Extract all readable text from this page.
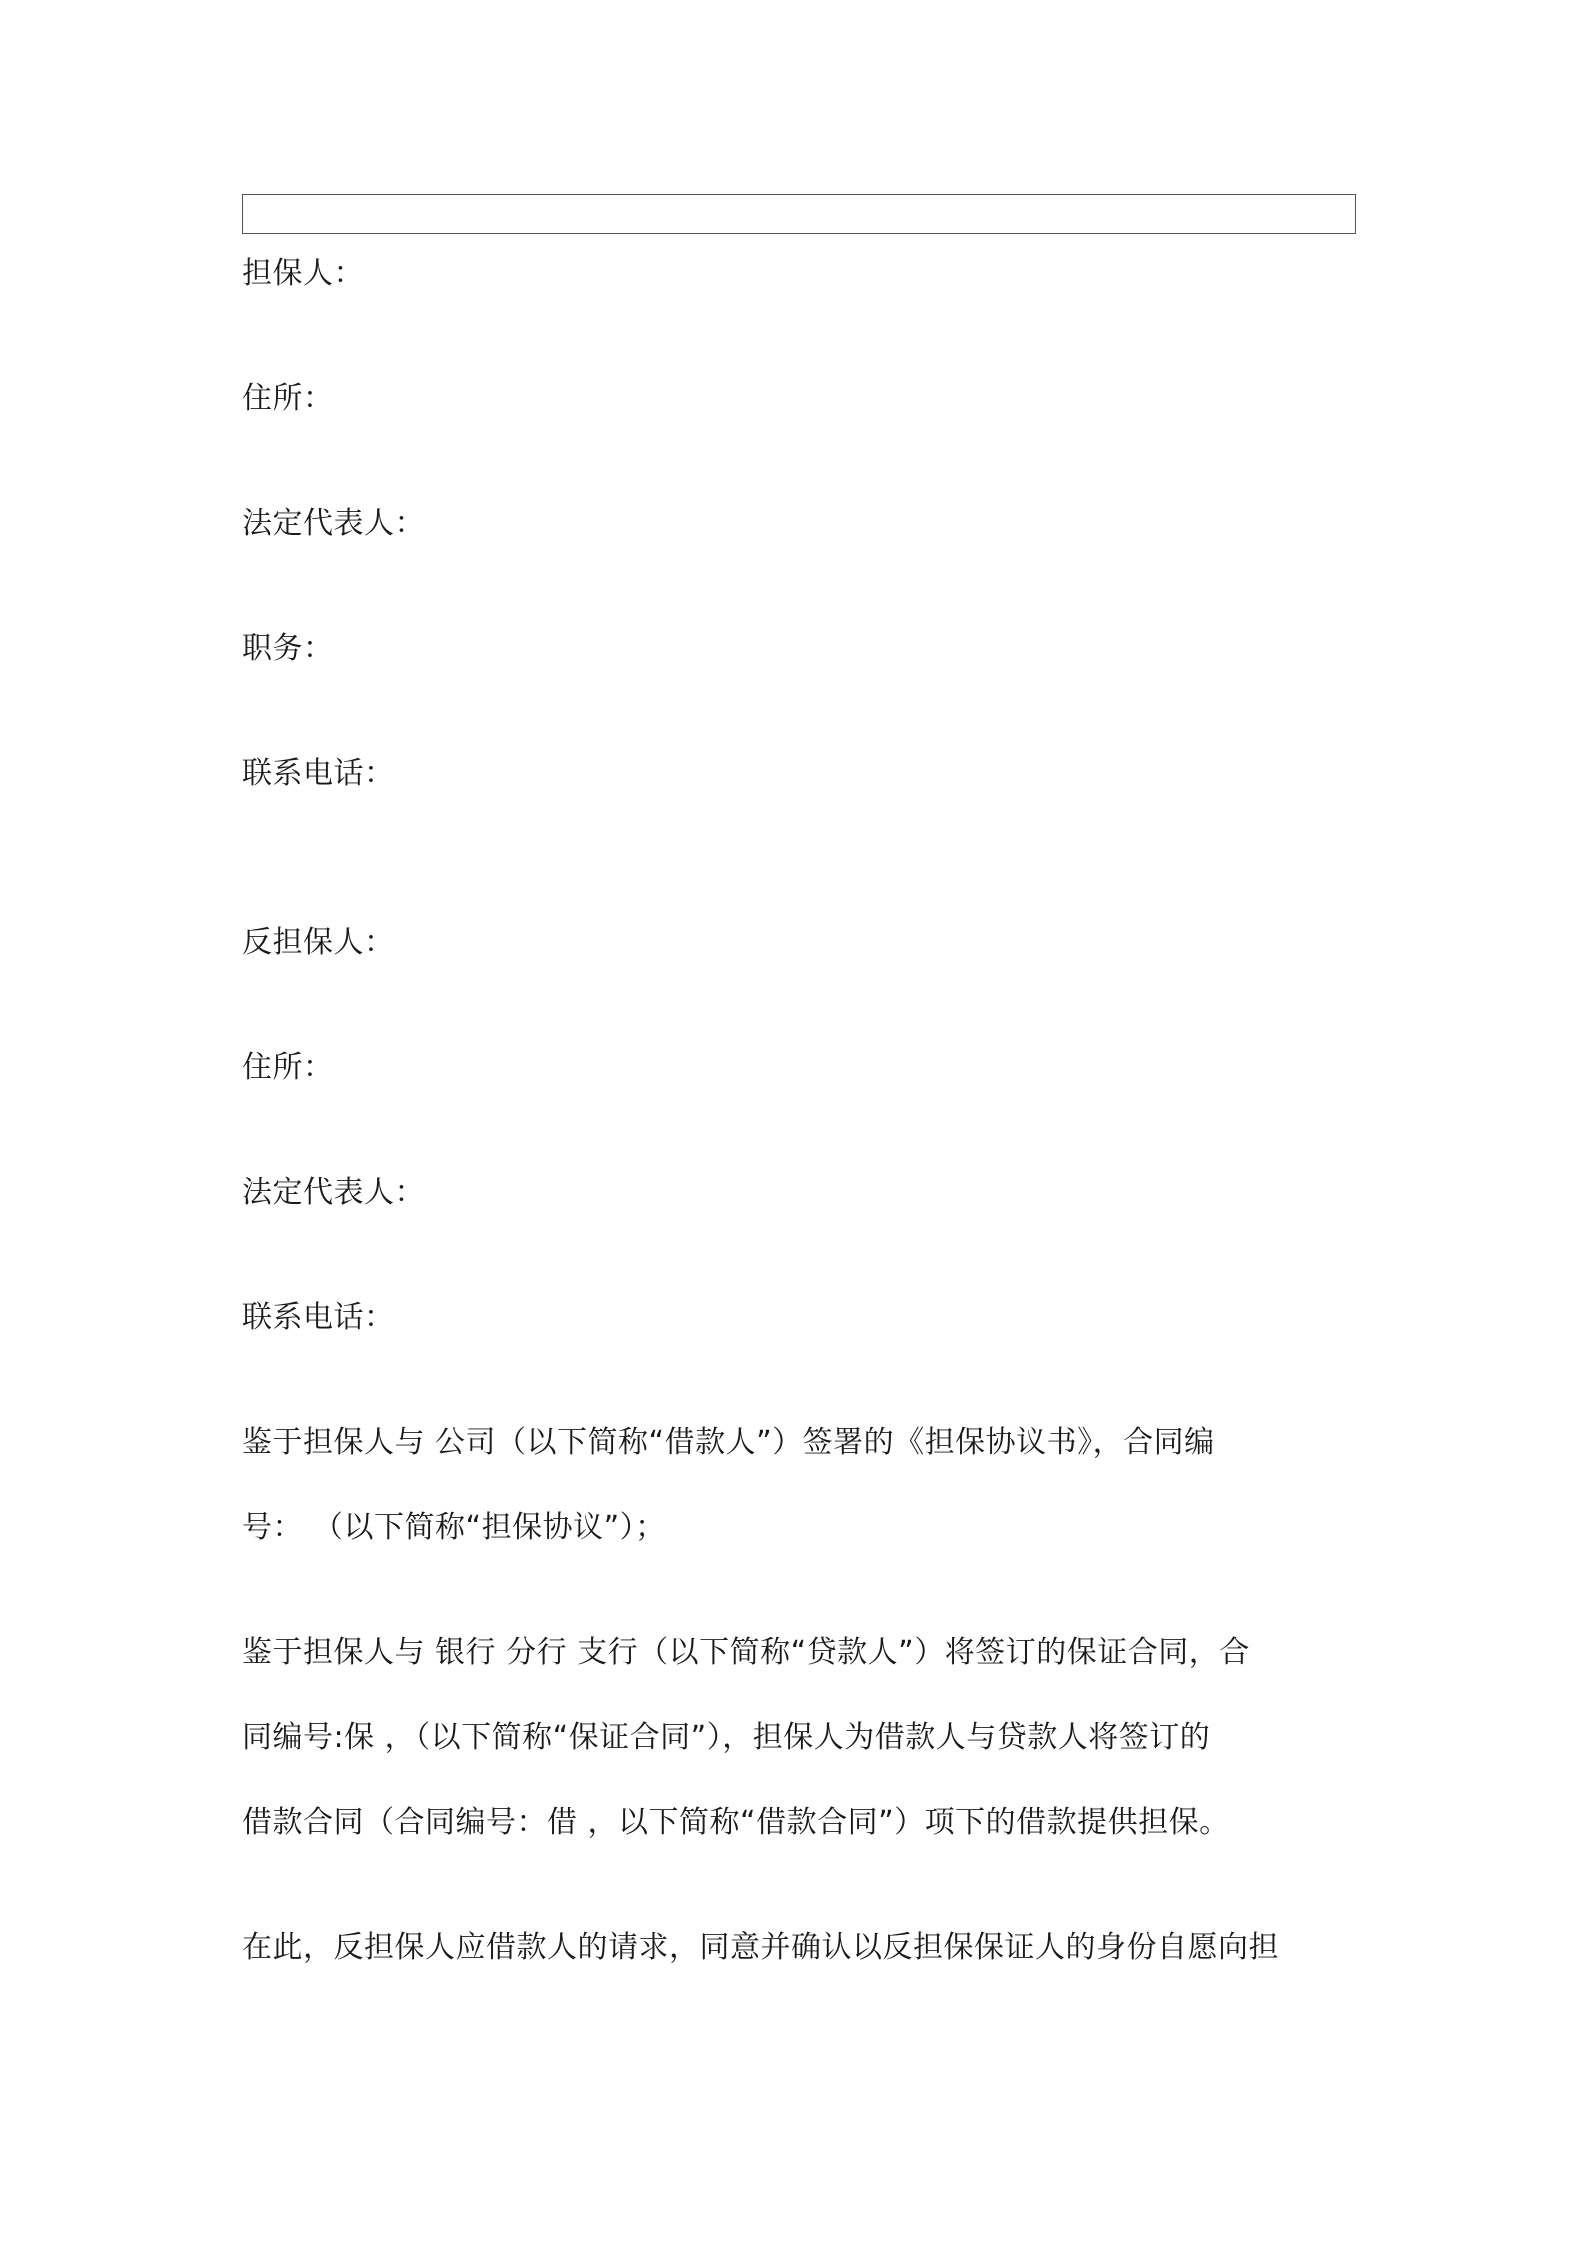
担保人：
住所：
法定代表人：
职务：
联系电话：
反担保人：
住所：
法定代表人：
联系电话：
鉴于担保人与 公司（以下简称“借款人”）签署的《担保协议书》，合同编
号： （以下简称“担保协议”）；
鉴于担保人与 银行 分行 支行（以下简称“贷款人”）将签订的保证合同，合
同编号:保 ，（以下简称“保证合同”），担保人为借款人与贷款人将签订的
借款合同（合同编号：借 ，以下简称“借款合同”）项下的借款提供担保。
在此，反担保人应借款人的请求，同意并确认以反担保保证人的身份自愿向担
